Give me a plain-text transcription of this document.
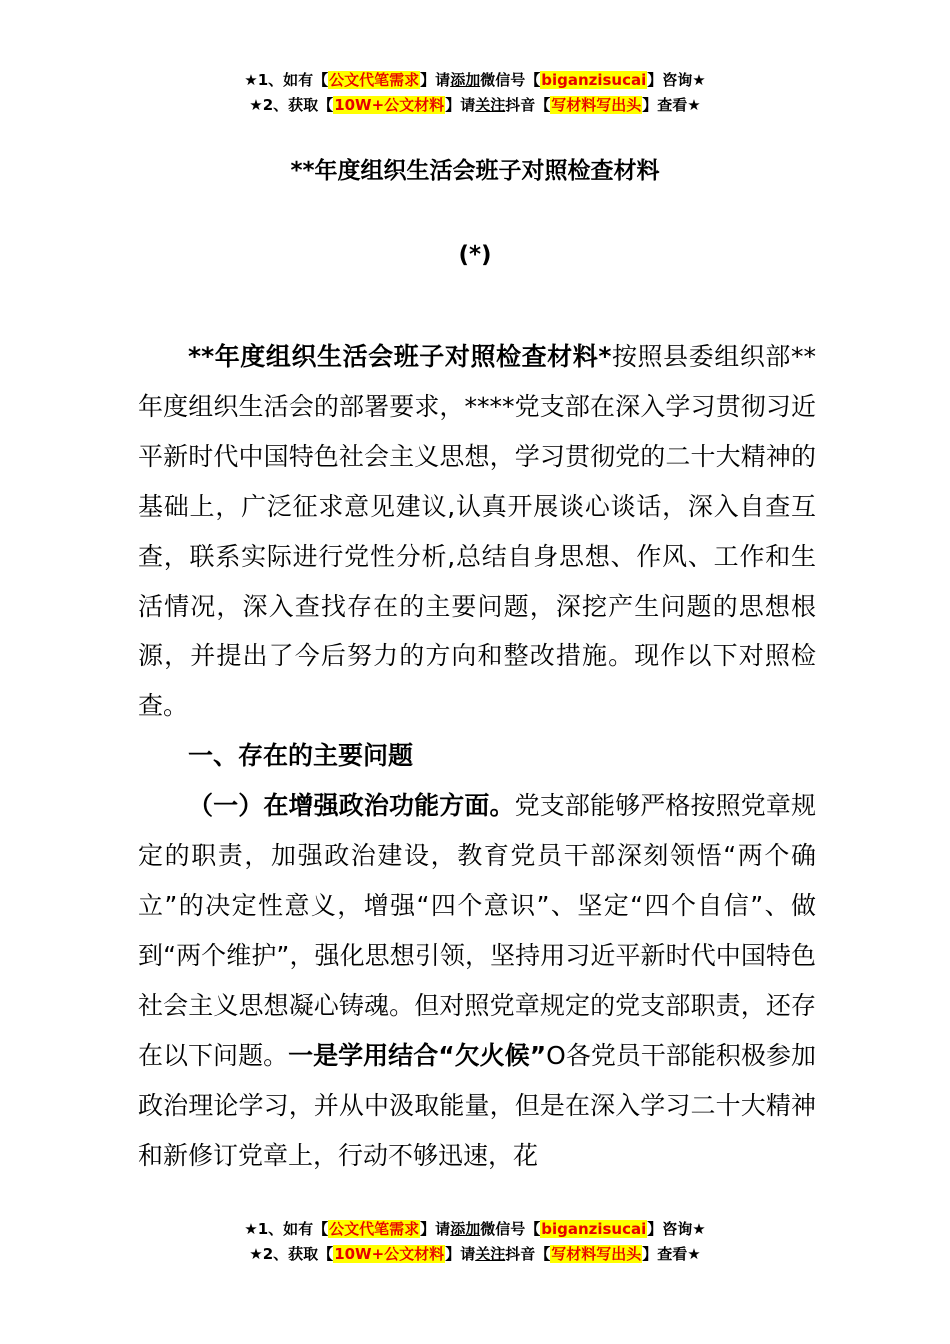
★1、如有【公文代笔需求】请添加微信号【biganzisucai】咨询★
★2、获取【10W+公文材料】请关注抖音【写材料写出头】查看★
**年度组织生活会班子对照检查材料
(*)

**年度组织生活会班子对照检查材料*按照县委组织部**年度组织生活会的部署要求，****党支部在深入学习贯彻习近平新时代中国特色社会主义思想，学习贯彻党的二十大精神的基础上，广泛征求意见建议,认真开展谈心谈话，深入自查互查，联系实际进行党性分析,总结自身思想、作风、工作和生活情况，深入查找存在的主要问题，深挖产生问题的思想根源，并提出了今后努力的方向和整改措施。现作以下对照检查。

一、存在的主要问题

（一）在增强政治功能方面。党支部能够严格按照党章规定的职责，加强政治建设，教育党员干部深刻领悟“两个确立”的决定性意义，增强“四个意识”、坚定“四个自信”、做到“两个维护”，强化思想引领，坚持用习近平新时代中国特色社会主义思想凝心铸魂。但对照党章规定的党支部职责，还存在以下问题。一是学用结合“欠火候”O各党员干部能积极参加政治理论学习，并从中汲取能量，但是在深入学习二十大精神和新修订党章上，行动不够迅速，花

★1、如有【公文代笔需求】请添加微信号【biganzisucai】咨询★
★2、获取【10W+公文材料】请关注抖音【写材料写出头】查看★
